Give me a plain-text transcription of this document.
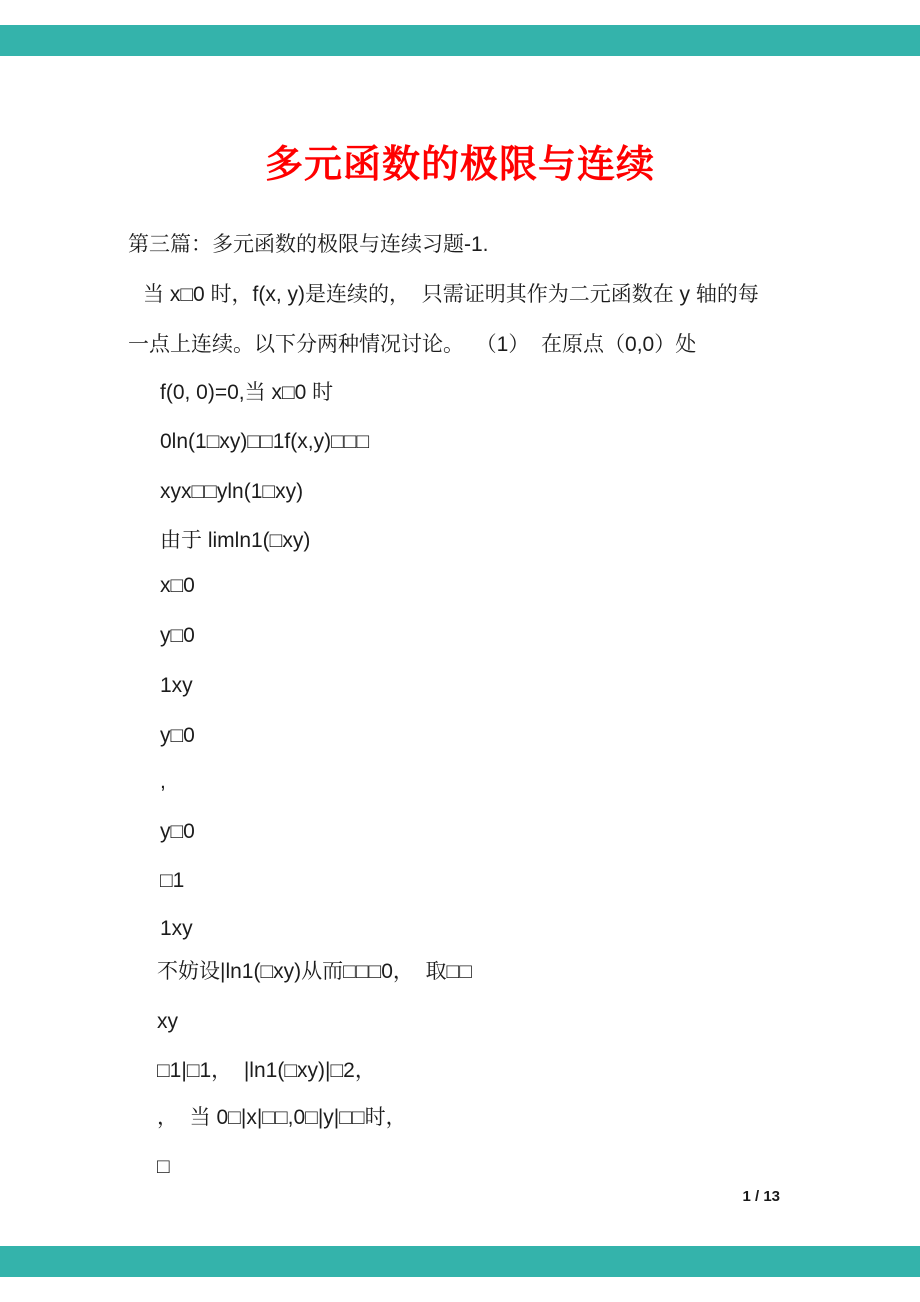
多元函数的极限与连续
第三篇：多元函数的极限与连续习题-1.
当 x□0 时，f(x, y)是连续的，  只需证明其作为二元函数在 y 轴的每
一点上连续。以下分两种情况讨论。  （1）  在原点（0,0）处
f(0, 0)=0,当 x□0 时
0ln(1□xy)□□1f(x,y)□□□
xyx□□yln(1□xy)
由于 limln1(□xy)
x□0
y□0
1xy
y□0
,
y□0
□1
1xy
不妨设|ln1(□xy)从而□□□0，  取□□
xy
□1|□1，  |ln1(□xy)|□2，
，  当 0□|x|□□,0□|y|□□时，
□
1 / 13
